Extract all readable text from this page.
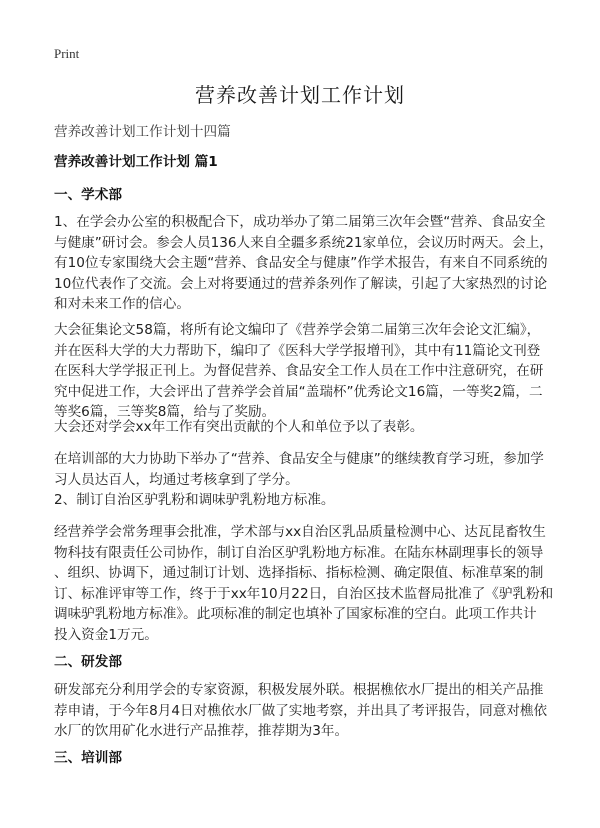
Print
营养改善计划工作计划
营养改善计划工作计划十四篇
营养改善计划工作计划 篇1
一、学术部
1、在学会办公室的积极配合下，成功举办了第二届第三次年会暨“营养、食品安全
与健康”研讨会。参会人员136人来自全疆多系统21家单位，会议历时两天。会上，
有10位专家围绕大会主题“营养、食品安全与健康”作学术报告，有来自不同系统的
10位代表作了交流。会上对将要通过的营养条列作了解读，引起了大家热烈的讨论
和对未来工作的信心。
大会征集论文58篇，将所有论文编印了《营养学会第二届第三次年会论文汇编》，
并在医科大学的大力帮助下，编印了《医科大学学报增刊》，其中有11篇论文刊登
在医科大学学报正刊上。为督促营养、食品安全工作人员在工作中注意研究，在研
究中促进工作，大会评出了营养学会首届“盖瑞杯”优秀论文16篇，一等奖2篇，二
等奖6篇，三等奖8篇，给与了奖励。
大会还对学会xx年工作有突出贡献的个人和单位予以了表彰。
在培训部的大力协助下举办了“营养、食品安全与健康”的继续教育学习班，参加学
习人员达百人，均通过考核拿到了学分。
2、制订自治区驴乳粉和调味驴乳粉地方标准。
经营养学会常务理事会批准，学术部与xx自治区乳品质量检测中心、达瓦昆畜牧生
物科技有限责任公司协作，制订自治区驴乳粉地方标准。在陆东林副理事长的领导
、组织、协调下，通过制订计划、选择指标、指标检测、确定限值、标准草案的制
订、标准评审等工作，终于于xx年10月22日，自治区技术监督局批准了《驴乳粉和
调味驴乳粉地方标准》。此项标准的制定也填补了国家标准的空白。此项工作共计
投入资金1万元。
二、研发部
研发部充分利用学会的专家资源，积极发展外联。根据樵依水厂提出的相关产品推
荐申请，于今年8月4日对樵依水厂做了实地考察，并出具了考评报告，同意对樵依
水厂的饮用矿化水进行产品推荐，推荐期为3年。
三、培训部
